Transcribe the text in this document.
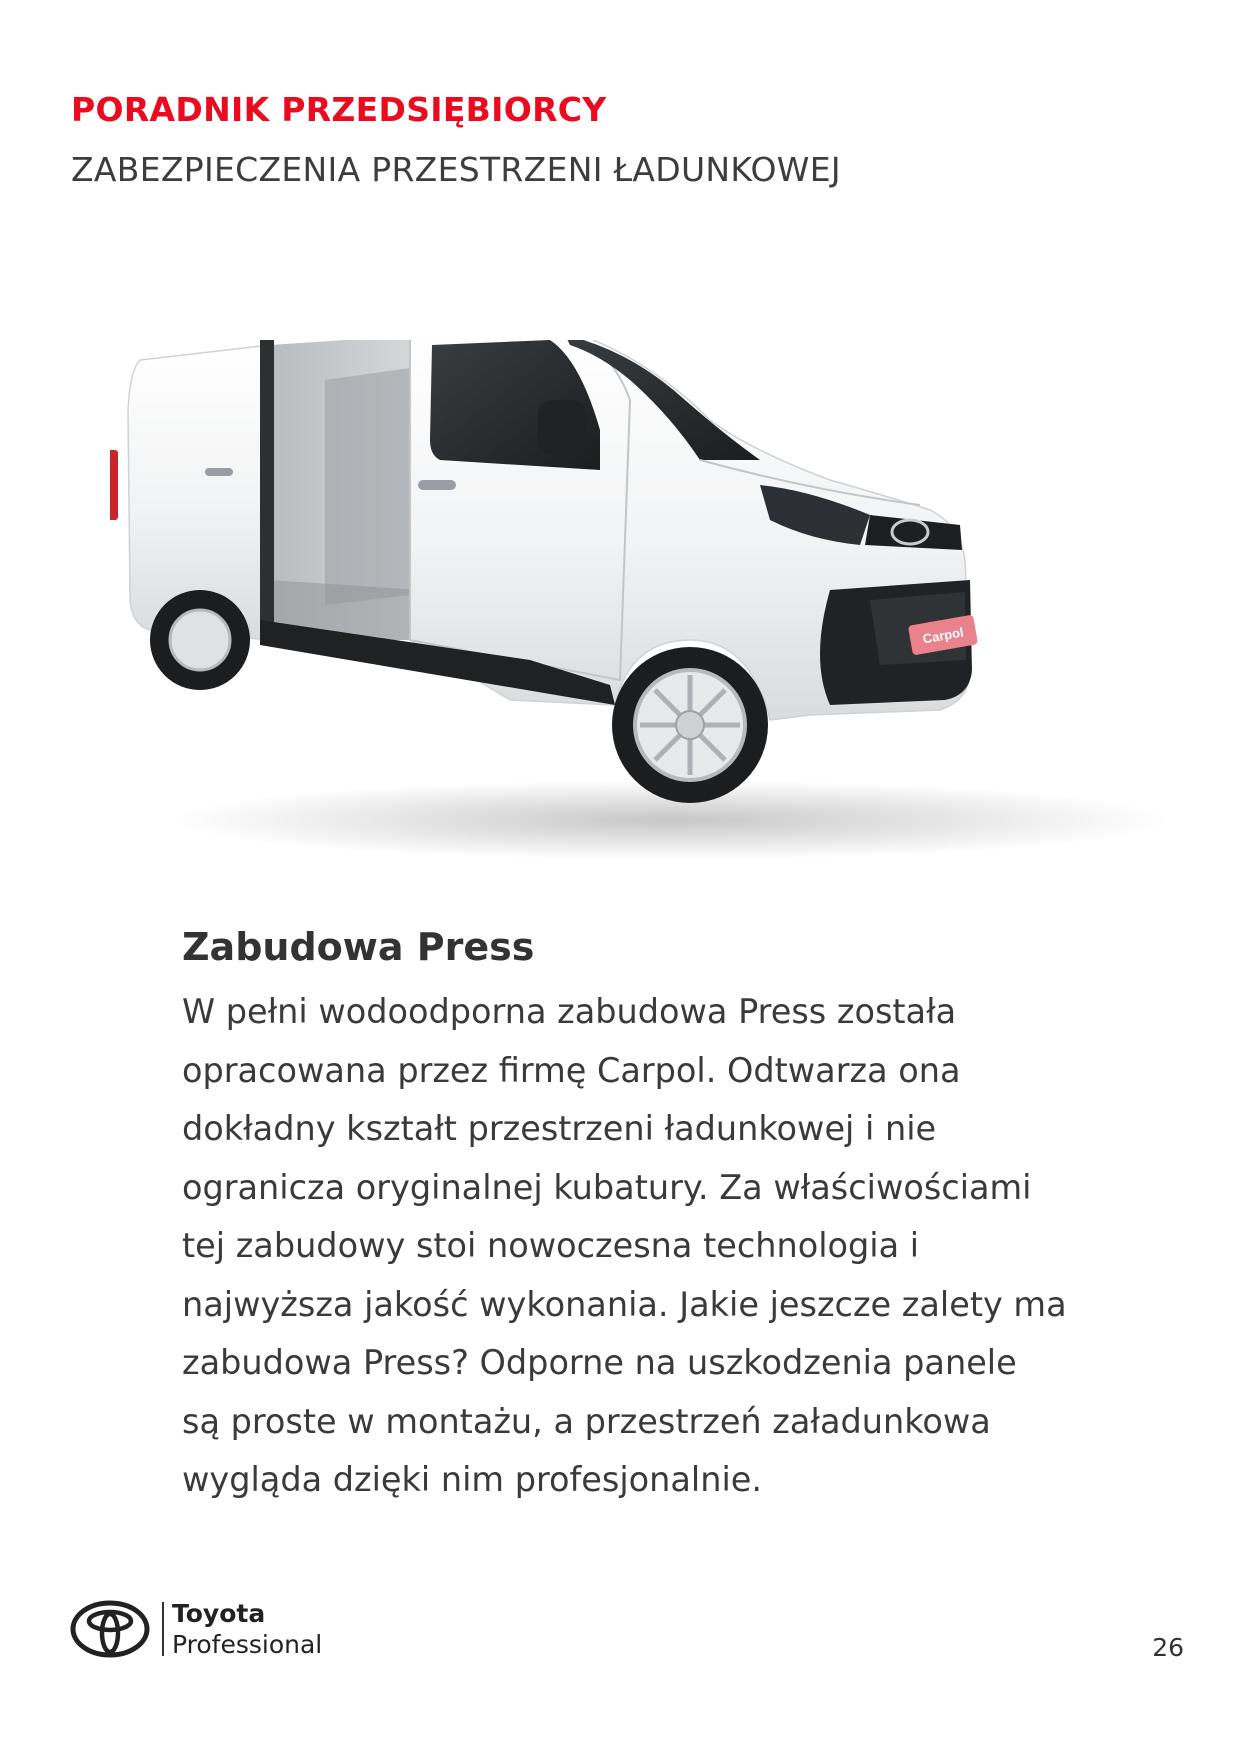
PORADNIK PRZEDSIĘBIORCY
ZABEZPIECZENIA PRZESTRZENI ŁADUNKOWEJ
Carpol
Zabudowa Press

W pełni wodoodporna zabudowa Press została
opracowana przez firmę Carpol. Odtwarza ona
dokładny kształt przestrzeni ładunkowej i nie
ogranicza oryginalnej kubatury. Za właściwościami
tej zabudowy stoi nowoczesna technologia i
najwyższa jakość wykonania. Jakie jeszcze zalety ma
zabudowa Press? Odporne na uszkodzenia panele
są proste w montażu, a przestrzeń załadunkowa
wygląda dzięki nim profesjonalnie.

Toyota
Professional	26
